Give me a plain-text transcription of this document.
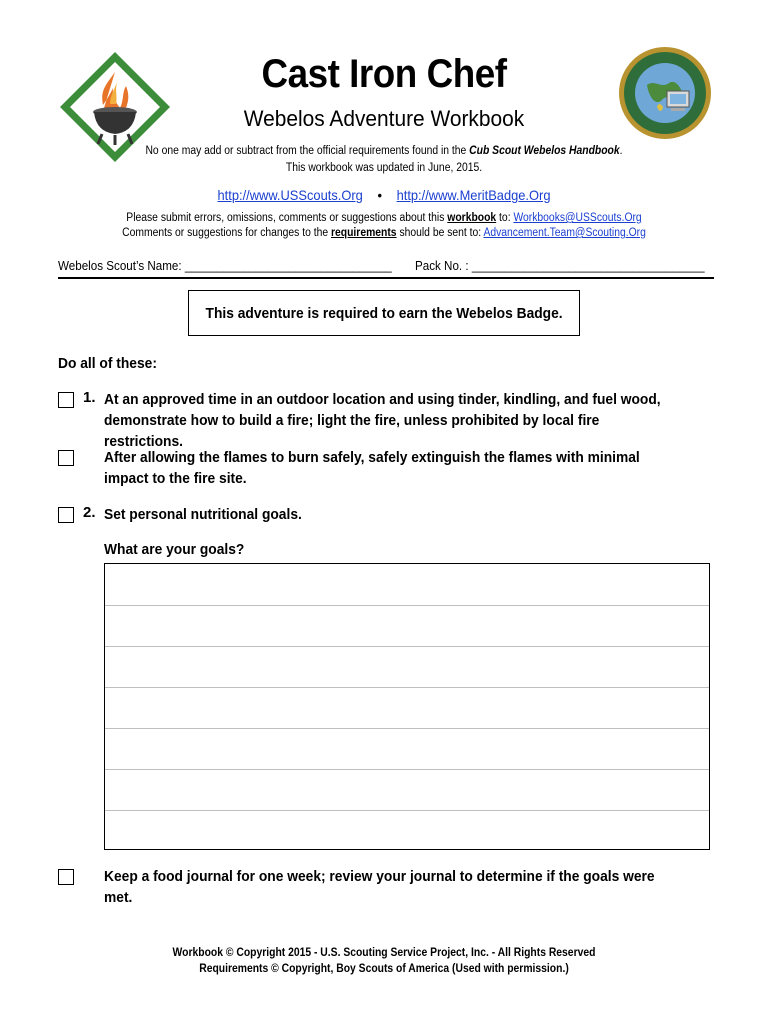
Cast Iron Chef
Webelos Adventure Workbook
No one may add or subtract from the official requirements found in the Cub Scout Webelos Handbook.
This workbook was updated in June, 2015.
http://www.USScouts.Org • http://www.MeritBadge.Org
Please submit errors, omissions, comments or suggestions about this workbook to: Workbooks@USScouts.Org
Comments or suggestions for changes to the requirements should be sent to: Advancement.Team@Scouting.Org
Webelos Scout’s Name: ________________________________ Pack No. : ____________________________________
This adventure is required to earn the Webelos Badge.
Do all of these:
1. At an approved time in an outdoor location and using tinder, kindling, and fuel wood, demonstrate how to build a fire; light the fire, unless prohibited by local fire restrictions.
After allowing the flames to burn safely, safely extinguish the flames with minimal impact to the fire site.
2. Set personal nutritional goals.
What are your goals?
Keep a food journal for one week; review your journal to determine if the goals were met.
Workbook © Copyright 2015 - U.S. Scouting Service Project, Inc. - All Rights Reserved
Requirements © Copyright, Boy Scouts of America (Used with permission.)
